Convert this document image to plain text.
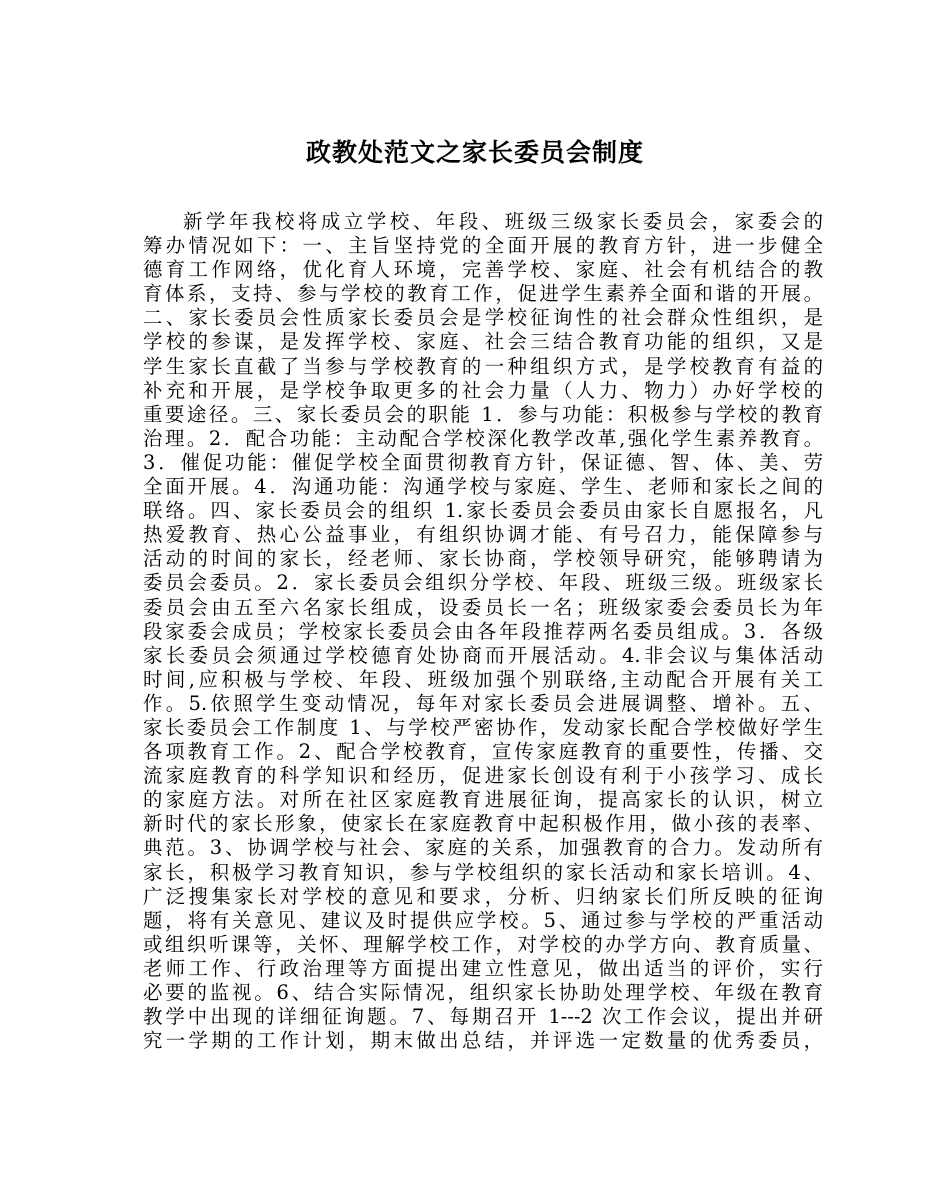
政教处范文之家长委员会制度
新学年我校将成立学校、年段、班级三级家长委员会，家委会的
筹办情况如下：一、主旨坚持党的全面开展的教育方针，进一步健全
德育工作网络，优化育人环境，完善学校、家庭、社会有机结合的教
育体系，支持、参与学校的教育工作，促进学生素养全面和谐的开展。
二、家长委员会性质家长委员会是学校征询性的社会群众性组织，是
学校的参谋，是发挥学校、家庭、社会三结合教育功能的组织，又是
学生家长直截了当参与学校教育的一种组织方式，是学校教育有益的
补充和开展，是学校争取更多的社会力量（人力、物力）办好学校的
重要途径。三、家长委员会的职能 1．参与功能：积极参与学校的教育
治理。2．配合功能：主动配合学校深化教学改革,强化学生素养教育。
3．催促功能：催促学校全面贯彻教育方针，保证德、智、体、美、劳
全面开展。4．沟通功能：沟通学校与家庭、学生、老师和家长之间的
联络。四、家长委员会的组织 1.家长委员会委员由家长自愿报名，凡
热爱教育、热心公益事业，有组织协调才能、有号召力，能保障参与
活动的时间的家长，经老师、家长协商，学校领导研究，能够聘请为
委员会委员。2．家长委员会组织分学校、年段、班级三级。班级家长
委员会由五至六名家长组成，设委员长一名；班级家委会委员长为年
段家委会成员；学校家长委员会由各年段推荐两名委员组成。3．各级
家长委员会须通过学校德育处协商而开展活动。4.非会议与集体活动
时间,应积极与学校、年段、班级加强个别联络,主动配合开展有关工
作。5.依照学生变动情况，每年对家长委员会进展调整、增补。五、
家长委员会工作制度 1、与学校严密协作，发动家长配合学校做好学生
各项教育工作。2、配合学校教育，宣传家庭教育的重要性，传播、交
流家庭教育的科学知识和经历，促进家长创设有利于小孩学习、成长
的家庭方法。对所在社区家庭教育进展征询，提高家长的认识，树立
新时代的家长形象，使家长在家庭教育中起积极作用，做小孩的表率、
典范。3、协调学校与社会、家庭的关系，加强教育的合力。发动所有
家长，积极学习教育知识，参与学校组织的家长活动和家长培训。4、
广泛搜集家长对学校的意见和要求，分析、归纳家长们所反映的征询
题，将有关意见、建议及时提供应学校。5、通过参与学校的严重活动
或组织听课等，关怀、理解学校工作，对学校的办学方向、教育质量、
老师工作、行政治理等方面提出建立性意见，做出适当的评价，实行
必要的监视。6、结合实际情况，组织家长协助处理学校、年级在教育
教学中出现的详细征询题。7、每期召开 1---2 次工作会议，提出并研
究一学期的工作计划，期末做出总结，并评选一定数量的优秀委员，
